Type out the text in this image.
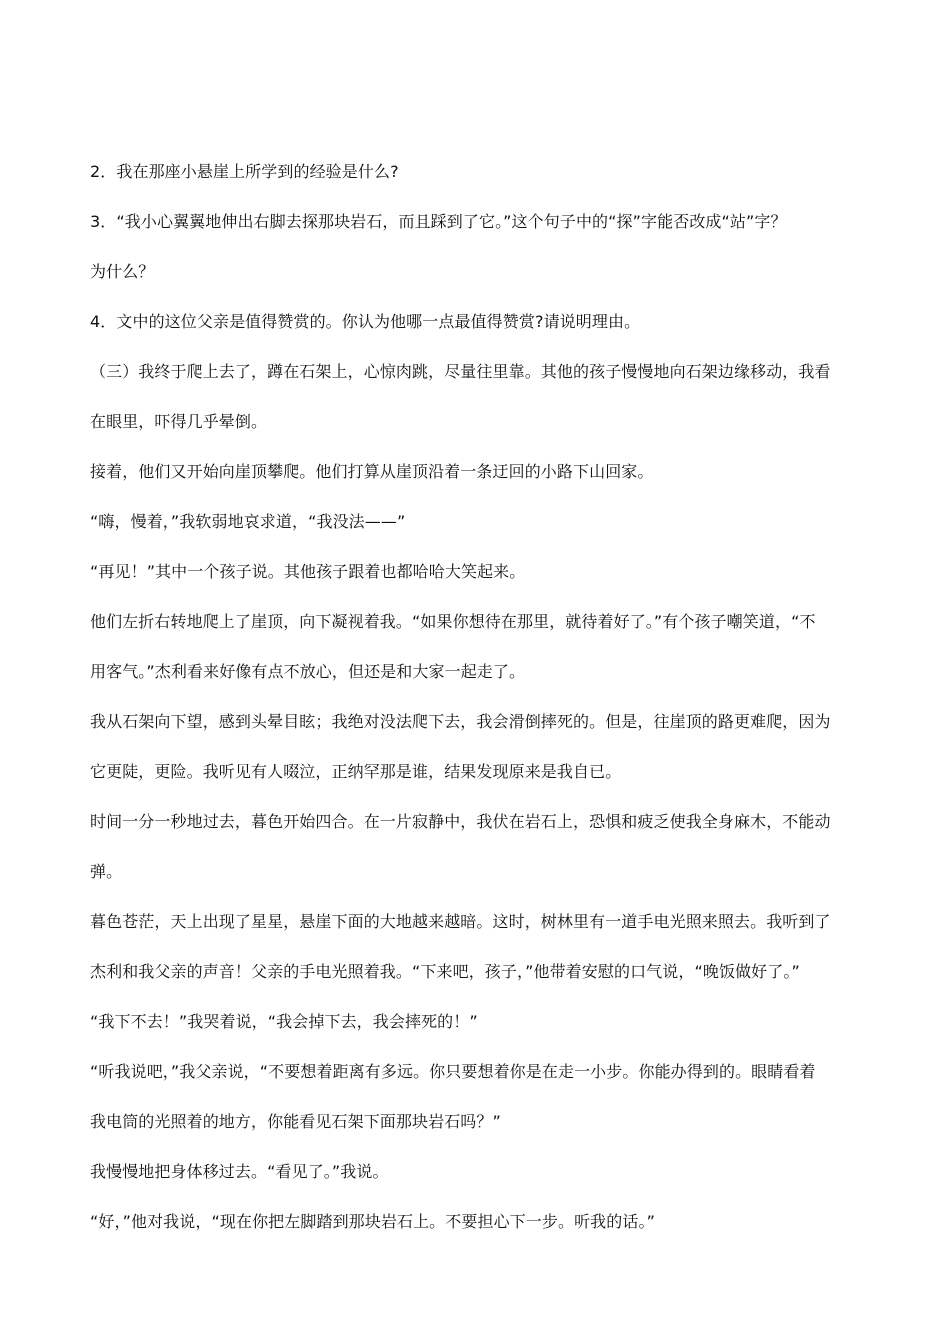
2．我在那座小悬崖上所学到的经验是什么?
3．“我小心翼翼地伸出右脚去探那块岩石，而且踩到了它。”这个句子中的“探”字能否改成“站”字？
为什么？
4．文中的这位父亲是值得赞赏的。你认为他哪一点最值得赞赏?请说明理由。
（三）我终于爬上去了，蹲在石架上，心惊肉跳，尽量往里靠。其他的孩子慢慢地向石架边缘移动，我看
在眼里，吓得几乎晕倒。
接着，他们又开始向崖顶攀爬。他们打算从崖顶沿着一条迂回的小路下山回家。
“嗨，慢着，”我软弱地哀求道，“我没法——”
“再见！”其中一个孩子说。其他孩子跟着也都哈哈大笑起来。
他们左折右转地爬上了崖顶，向下凝视着我。“如果你想待在那里，就待着好了。”有个孩子嘲笑道，“不
用客气。”杰利看来好像有点不放心，但还是和大家一起走了。
我从石架向下望，感到头晕目眩；我绝对没法爬下去，我会滑倒摔死的。但是，往崖顶的路更难爬，因为
它更陡，更险。我听见有人啜泣，正纳罕那是谁，结果发现原来是我自已。
时间一分一秒地过去，暮色开始四合。在一片寂静中，我伏在岩石上，恐惧和疲乏使我全身麻木，不能动
弹。
暮色苍茫，天上出现了星星，悬崖下面的大地越来越暗。这时，树林里有一道手电光照来照去。我听到了
杰利和我父亲的声音！父亲的手电光照着我。“下来吧，孩子，”他带着安慰的口气说，“晚饭做好了。”
“我下不去！”我哭着说，“我会掉下去，我会摔死的！”
“听我说吧，”我父亲说，“不要想着距离有多远。你只要想着你是在走一小步。你能办得到的。眼睛看着
我电筒的光照着的地方，你能看见石架下面那块岩石吗？”
我慢慢地把身体移过去。“看见了。”我说。
“好，”他对我说，“现在你把左脚踏到那块岩石上。不要担心下一步。听我的话。”
